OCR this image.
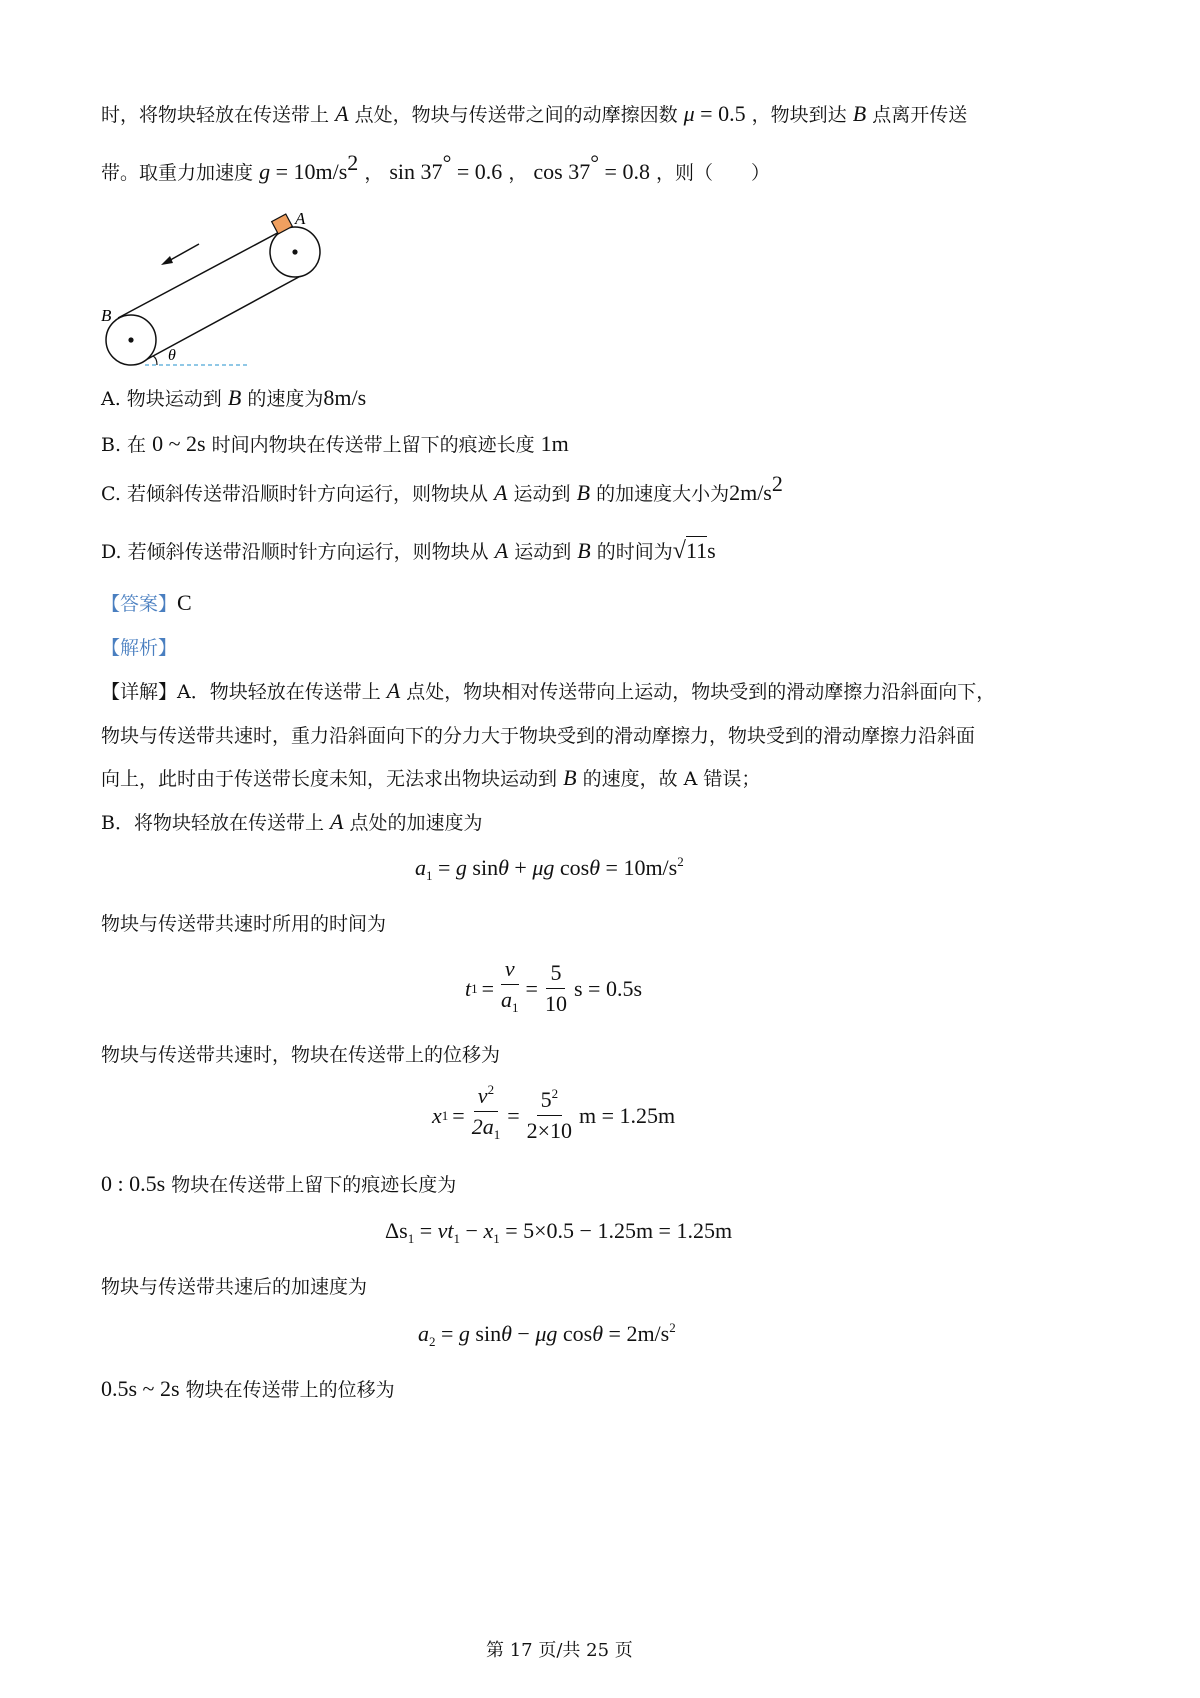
时，将物块轻放在传送带上 A 点处，物块与传送带之间的动摩擦因数 μ = 0.5 ，物块到达 B 点离开传送
带。取重力加速度 $g = 10m/s^2$ ， sin 37° = 0.6 ， cos 37° = 0.8 ，则（　　）
A
B
θ
A. 物块运动到 B 的速度为8m/s
B. 在 0 ~ 2s 时间内物块在传送带上留下的痕迹长度 1m
C. 若倾斜传送带沿顺时针方向运行，则物块从 A 运动到 B 的加速度大小为$2m/s^2$
D. 若倾斜传送带沿顺时针方向运行，则物块从 A 运动到 B 的时间为√11s
【答案】C
【解析】
【详解】A．物块轻放在传送带上 A 点处，物块相对传送带向上运动，物块受到的滑动摩擦力沿斜面向下，
物块与传送带共速时，重力沿斜面向下的分力大于物块受到的滑动摩擦力，物块受到的滑动摩擦力沿斜面
向上，此时由于传送带长度未知，无法求出物块运动到 B 的速度，故 A 错误；
B．将物块轻放在传送带上 A 点处的加速度为
$a_1 = g$ sinθ + μg $\cos\theta = 10m/s^2$
物块与传送带共速时所用的时间为
t $1 = \frac{v}{a_1} = \frac{5}{10}$ s = 0.5s
物块与传送带共速时，物块在传送带上的位移为
x $1 = \frac{v^2}{2a_1} = \frac{5^2}{2\times 10}$ m = 1.25m
0 : 0.5s 物块在传送带上留下的痕迹长度为
$\Delta s_1 = vt_1 - x_1 = 5\times 0.5 - 1.25m = 1.25m$
物块与传送带共速后的加速度为
$a_2 = g$ sinθ − μg $\cos\theta = 2m/s^2$
0.5s ~ 2s 物块在传送带上的位移为
第 17 页/共 25 页
